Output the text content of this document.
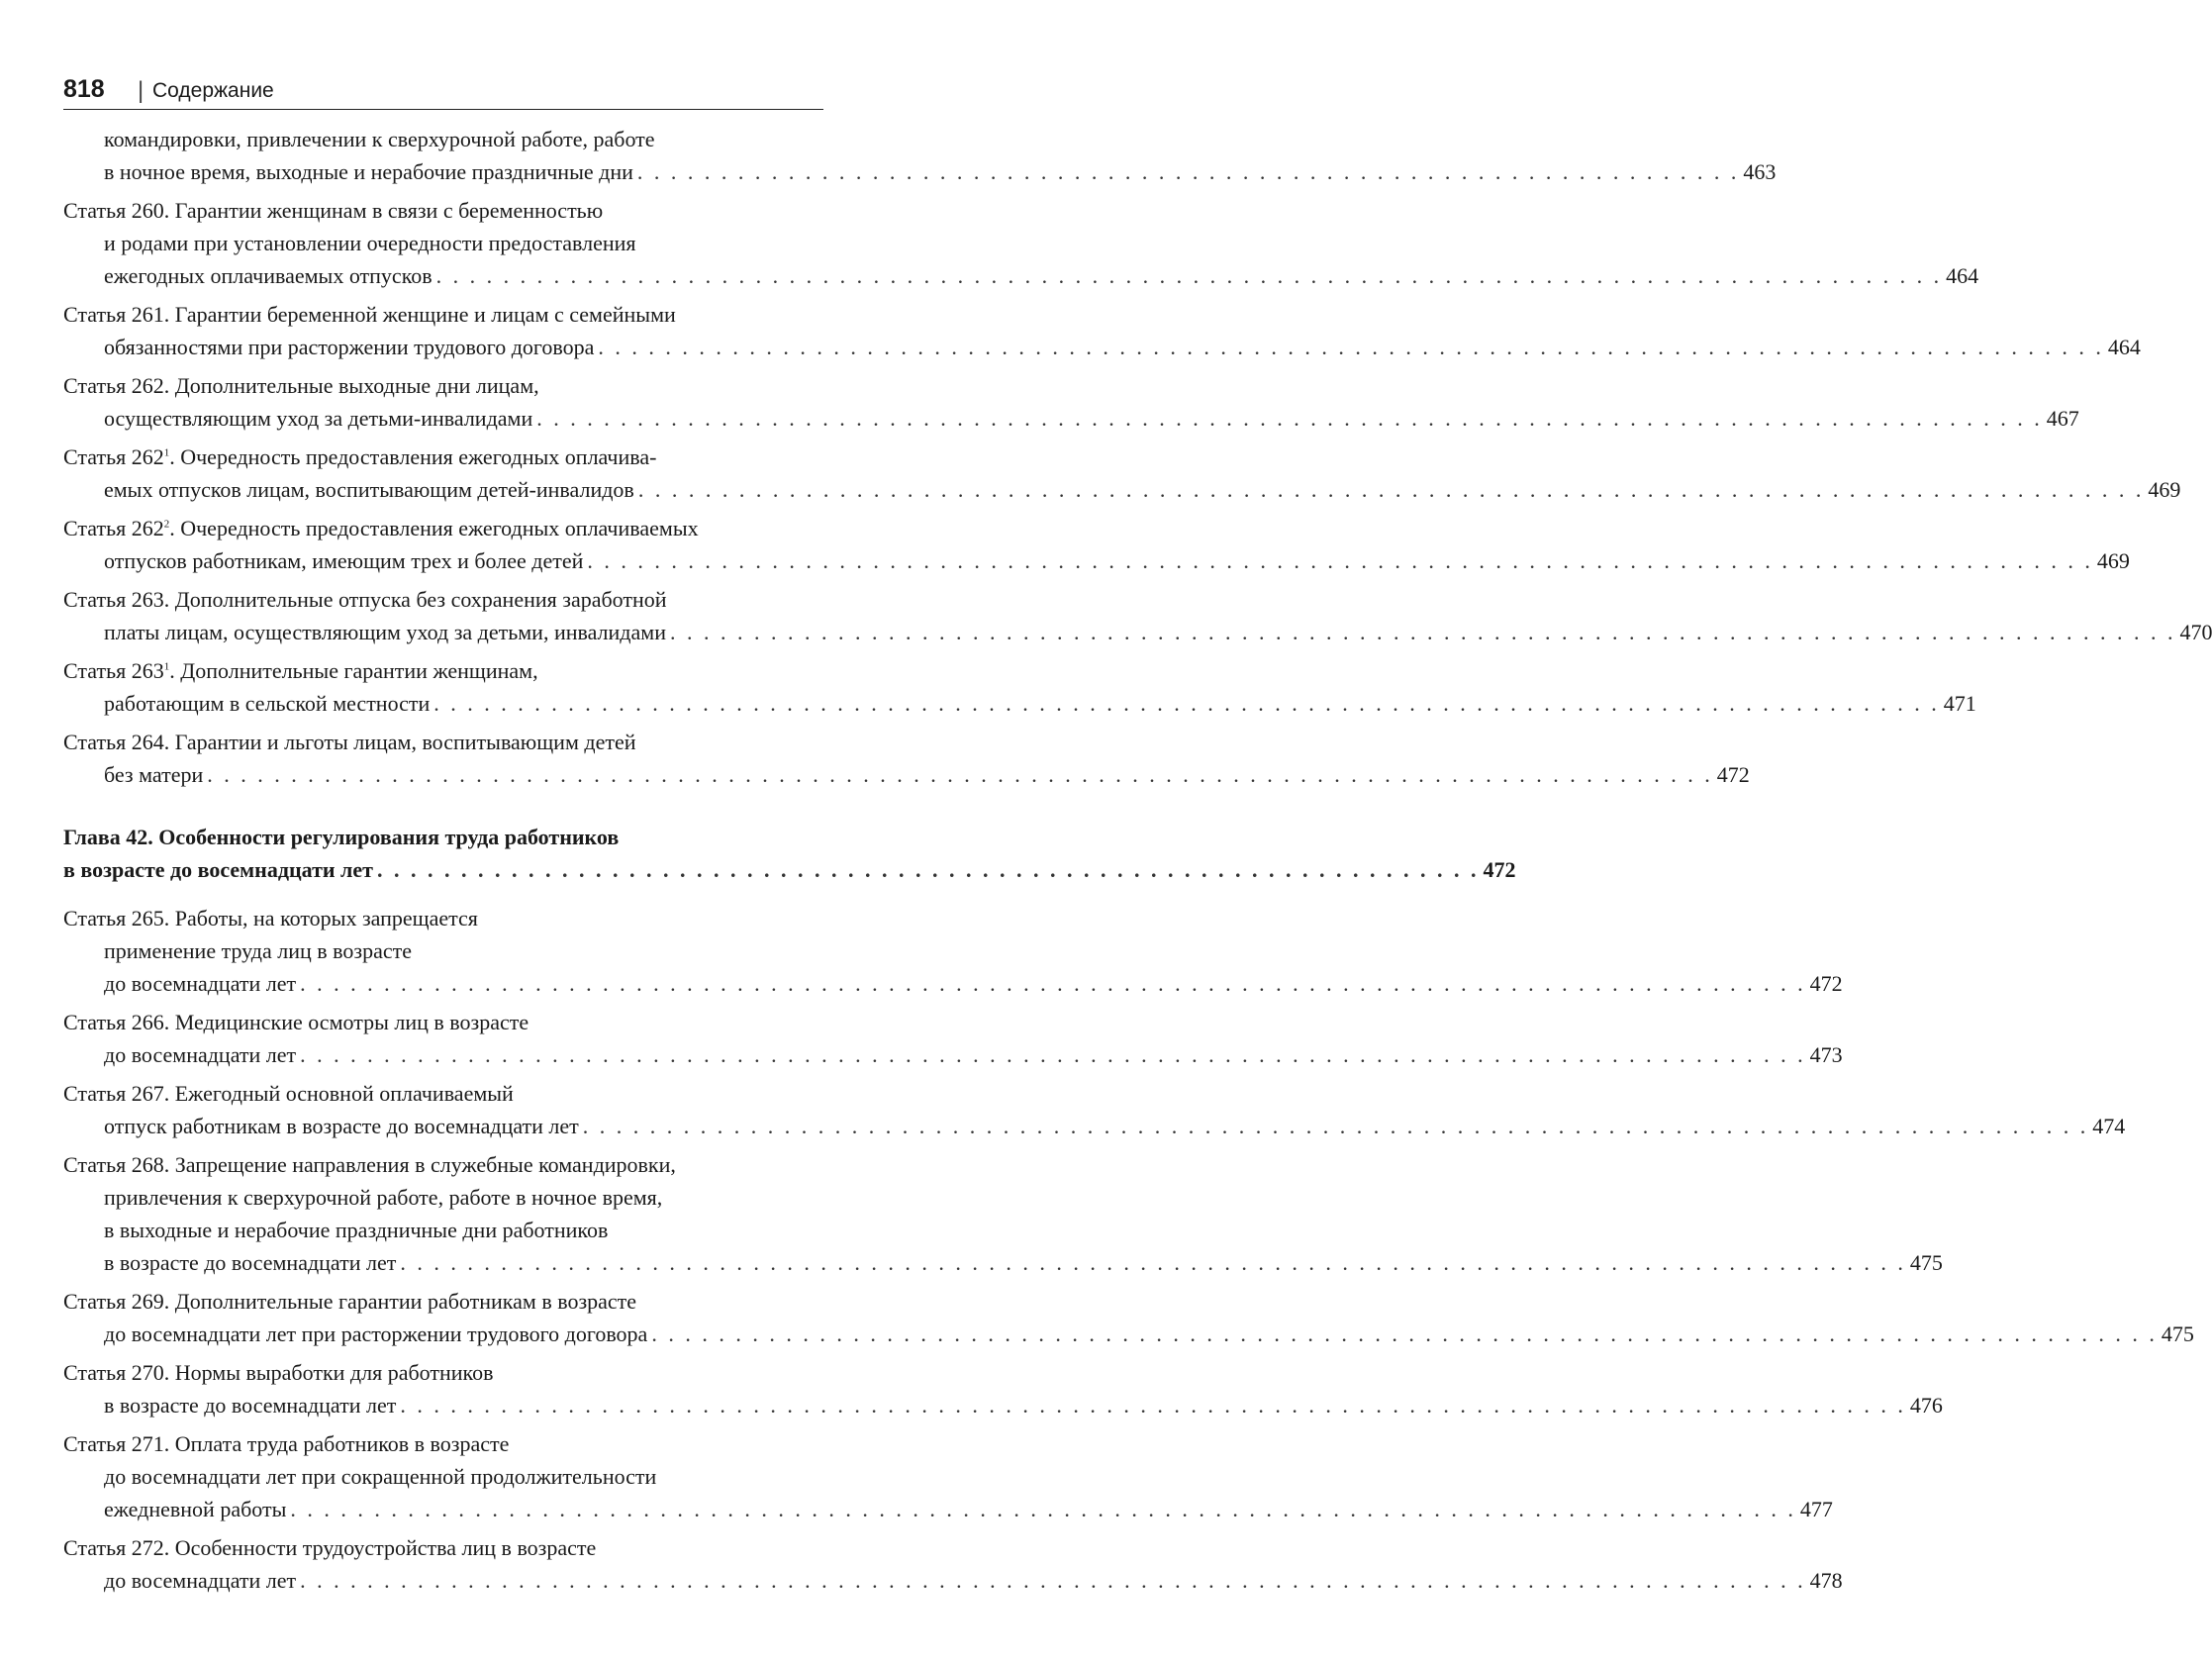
818 | Содержание
командировки, привлечении к сверхурочной работе, работе
в ночное время, выходные и нерабочие праздничные дни . . . . . . . . . . . . . . . . . . . . . . . . . . . . . . . . . . . . . . . . . . . . . . . . . . . . . . . . . . . . . . . . . . 463
Статья 260. Гарантии женщинам в связи с беременностью
и родами при установлении очередности предоставления
ежегодных оплачиваемых отпусков . . . . . . . . . . . . . . . . . . . . . . . . . . . . . . . . . . . . . . . . . . . . . . . . . . . . . . . . . . . . . . . . . . . . . . . . . . . . . . . . . . . . . . . . . . 464
Статья 261. Гарантии беременной женщине и лицам с семейными
обязанностями при расторжении трудового договора . . . . . . . . . . . . . . . . . . . . . . . . . . . . . . . . . . . . . . . . . . . . . . . . . . . . . . . . . . . . . . . . . . . . . . . . . . . . . . . . . . . . . . . . . . 464
Статья 262. Дополнительные выходные дни лицам,
осуществляющим уход за детьми-инвалидами . . . . . . . . . . . . . . . . . . . . . . . . . . . . . . . . . . . . . . . . . . . . . . . . . . . . . . . . . . . . . . . . . . . . . . . . . . . . . . . . . . . . . . . . . . 467
Статья $262^1$. Очередность предоставления ежегодных оплачива-
емых отпусков лицам, воспитывающим детей-инвалидов . . . . . . . . . . . . . . . . . . . . . . . . . . . . . . . . . . . . . . . . . . . . . . . . . . . . . . . . . . . . . . . . . . . . . . . . . . . . . . . . . . . . . . . . . . 469
Статья $262^2$. Очередность предоставления ежегодных оплачиваемых
отпусков работникам, имеющим трех и более детей . . . . . . . . . . . . . . . . . . . . . . . . . . . . . . . . . . . . . . . . . . . . . . . . . . . . . . . . . . . . . . . . . . . . . . . . . . . . . . . . . . . . . . . . . . 469
Статья 263. Дополнительные отпуска без сохранения заработной
платы лицам, осуществляющим уход за детьми, инвалидами . . . . . . . . . . . . . . . . . . . . . . . . . . . . . . . . . . . . . . . . . . . . . . . . . . . . . . . . . . . . . . . . . . . . . . . . . . . . . . . . . . . . . . . . . . 470
Статья $263^1$. Дополнительные гарантии женщинам,
работающим в сельской местности . . . . . . . . . . . . . . . . . . . . . . . . . . . . . . . . . . . . . . . . . . . . . . . . . . . . . . . . . . . . . . . . . . . . . . . . . . . . . . . . . . . . . . . . . . 471
Статья 264. Гарантии и льготы лицам, воспитывающим детей
без матери . . . . . . . . . . . . . . . . . . . . . . . . . . . . . . . . . . . . . . . . . . . . . . . . . . . . . . . . . . . . . . . . . . . . . . . . . . . . . . . . . . . . . . . . . . 472
Глава 42. Особенности регулирования труда работников
в возрасте до восемнадцати лет . . . . . . . . . . . . . . . . . . . . . . . . . . . . . . . . . . . . . . . . . . . . . . . . . . . . . . . . . . . . . . . . . . 472
Статья 265. Работы, на которых запрещается
применение труда лиц в возрасте
до восемнадцати лет . . . . . . . . . . . . . . . . . . . . . . . . . . . . . . . . . . . . . . . . . . . . . . . . . . . . . . . . . . . . . . . . . . . . . . . . . . . . . . . . . . . . . . . . . . 472
Статья 266. Медицинские осмотры лиц в возрасте
до восемнадцати лет . . . . . . . . . . . . . . . . . . . . . . . . . . . . . . . . . . . . . . . . . . . . . . . . . . . . . . . . . . . . . . . . . . . . . . . . . . . . . . . . . . . . . . . . . . 473
Статья 267. Ежегодный основной оплачиваемый
отпуск работникам в возрасте до восемнадцати лет . . . . . . . . . . . . . . . . . . . . . . . . . . . . . . . . . . . . . . . . . . . . . . . . . . . . . . . . . . . . . . . . . . . . . . . . . . . . . . . . . . . . . . . . . . 474
Статья 268. Запрещение направления в служебные командировки,
привлечения к сверхурочной работе, работе в ночное время,
в выходные и нерабочие праздничные дни работников
в возрасте до восемнадцати лет . . . . . . . . . . . . . . . . . . . . . . . . . . . . . . . . . . . . . . . . . . . . . . . . . . . . . . . . . . . . . . . . . . . . . . . . . . . . . . . . . . . . . . . . . . 475
Статья 269. Дополнительные гарантии работникам в возрасте
до восемнадцати лет при расторжении трудового договора . . . . . . . . . . . . . . . . . . . . . . . . . . . . . . . . . . . . . . . . . . . . . . . . . . . . . . . . . . . . . . . . . . . . . . . . . . . . . . . . . . . . . . . . . . 475
Статья 270. Нормы выработки для работников
в возрасте до восемнадцати лет . . . . . . . . . . . . . . . . . . . . . . . . . . . . . . . . . . . . . . . . . . . . . . . . . . . . . . . . . . . . . . . . . . . . . . . . . . . . . . . . . . . . . . . . . . 476
Статья 271. Оплата труда работников в возрасте
до восемнадцати лет при сокращенной продолжительности
ежедневной работы . . . . . . . . . . . . . . . . . . . . . . . . . . . . . . . . . . . . . . . . . . . . . . . . . . . . . . . . . . . . . . . . . . . . . . . . . . . . . . . . . . . . . . . . . . 477
Статья 272. Особенности трудоустройства лиц в возрасте
до восемнадцати лет . . . . . . . . . . . . . . . . . . . . . . . . . . . . . . . . . . . . . . . . . . . . . . . . . . . . . . . . . . . . . . . . . . . . . . . . . . . . . . . . . . . . . . . . . . 478
